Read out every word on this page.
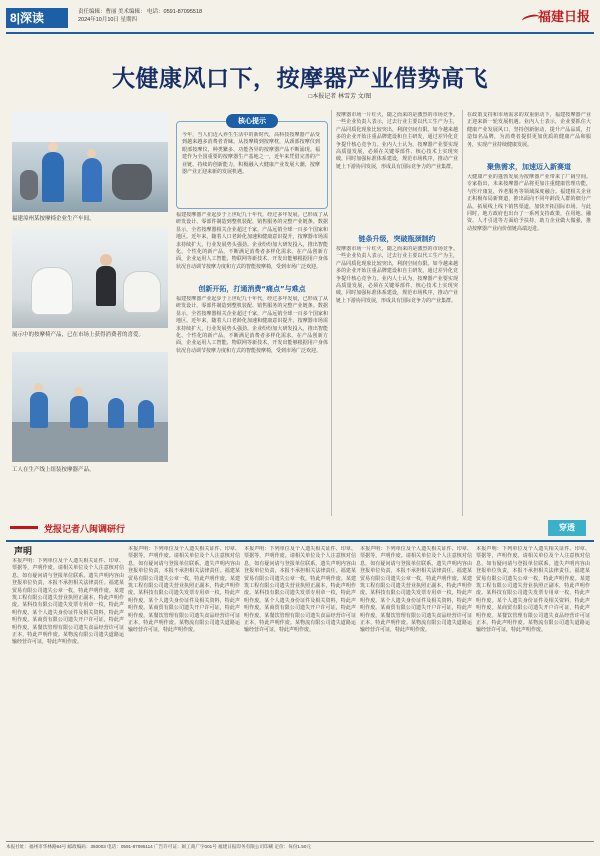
8|深读	责任编辑：曹丽 美术编辑： 电话：0591-87095518
2024年10月10日 星期四	福建日报
大健康风口下，按摩器产业借势高飞
□本报记者 林雪芳 文/图
福建漳州某按摩椅企业生产车间。
展示中的按摩椅产品，已在市场上获得消费者的喜爱。
工人在生产线上组装按摩器产品。
核心提示
今年，当人们迈入养生生活中的新时代，高科技按摩器产品受到越来越多消费者青睐。从按摩椅到按摩枕，从颈部按摩仪到眼部按摩仪，种类繁多、功能各异的按摩器产品不断涌现。福建作为全国重要的按摩器生产基地之一，近年来凭借完善的产业链、持续的创新能力，积极融入大健康产业发展大潮，按摩器产业正迎来新的发展机遇。
创新开拓，打通消费“痛点”与难点
福建按摩器产业起步于上世纪九十年代，经过多年发展，已形成了从研发设计、零部件制造到整机装配、销售服务的完整产业链条。数据显示，全省按摩器相关企业超过千家，产品远销全球一百多个国家和地区。近年来，随着人口老龄化加速和健康意识提升，按摩器市场需求持续扩大，行业发展势头强劲。企业纷纷加大研发投入，推出智能化、个性化的新产品，不断满足消费者多样化需求。在产品创新方面，企业运用人工智能、物联网等新技术，开发出能够根据用户身体状况自动调节按摩力度和方式的智能按摩椅，受到市场广泛欢迎。
福建按摩器产业起步于上世纪九十年代，经过多年发展，已形成了从研发设计、零部件制造到整机装配、销售服务的完整产业链条。数据显示，全省按摩器相关企业超过千家，产品远销全球一百多个国家和地区。近年来，随着人口老龄化加速和健康意识提升，按摩器市场需求持续扩大，行业发展势头强劲。企业纷纷加大研发投入，推出智能化、个性化的新产品，不断满足消费者多样化需求。在产品创新方面，企业运用人工智能、物联网等新技术，开发出能够根据用户身体状况自动调节按摩力度和方式的智能按摩椅，受到市场广泛欢迎。
按摩器市场一片红火，随之而来的是激烈的市场竞争。一些企业负责人表示，过去行业主要以代工生产为主，产品同质化现象比较突出，利润空间有限。如今越来越多的企业开始注重品牌建设和自主研发，通过差异化竞争提升核心竞争力。业内人士认为，按摩器产业要实现高质量发展，必须在关键零部件、核心技术上实现突破，同时加强标准体系建设，规范市场秩序，推动产业链上下游协同发展，形成具有国际竞争力的产业集群。
链条升级，突破瓶颈制约
按摩器市场一片红火，随之而来的是激烈的市场竞争。一些企业负责人表示，过去行业主要以代工生产为主，产品同质化现象比较突出，利润空间有限。如今越来越多的企业开始注重品牌建设和自主研发，通过差异化竞争提升核心竞争力。业内人士认为，按摩器产业要实现高质量发展，必须在关键零部件、核心技术上实现突破，同时加强标准体系建设，规范市场秩序，推动产业链上下游协同发展，形成具有国际竞争力的产业集群。
在政策支持和市场需求的双重驱动下，福建按摩器产业正迎来新一轮发展机遇。业内人士表示，企业要抓住大健康产业发展风口，坚持创新驱动，提升产品品质，打造知名品牌，为消费者提供更加优质的健康产品和服务，实现产业持续健康发展。
聚焦需求，加速迈入新赛道
大健康产业的蓬勃发展为按摩器产业带来了广阔空间。专家指出，未来按摩器产品将更加注重健康管理功能，与医疗康复、养老服务等领域深度融合。福建相关企业正积极布局新赛道，推出面向不同年龄段人群的细分产品，拓展线上线下销售渠道，加快开拓国际市场。与此同时，地方政府也出台了一系列支持政策，在用地、融资、人才引进等方面给予扶持，助力企业做大做强，推动按摩器产业向价值链高端迈进。
党报记者八闽调研行	穿透
声明
本报声明：下列单位及个人遗失相关证件、印章、票据等，声明作废。请相关单位及个人注意核对信息，如有疑问请与登报单位联系。遗失声明内容由登报单位负责，本报不承担相关法律责任。福建某贸易有限公司遗失公章一枚，特此声明作废。某建筑工程有限公司遗失营业执照正副本，特此声明作废。某科技有限公司遗失发票专用章一枚，特此声明作废。某个人遗失身份证件及相关资料，特此声明作废。某商贸有限公司遗失开户许可证，特此声明作废。某餐饮管理有限公司遗失食品经营许可证正本，特此声明作废。某物流有限公司遗失道路运输经营许可证，特此声明作废。
本报声明：下列单位及个人遗失相关证件、印章、票据等，声明作废。请相关单位及个人注意核对信息，如有疑问请与登报单位联系。遗失声明内容由登报单位负责，本报不承担相关法律责任。福建某贸易有限公司遗失公章一枚，特此声明作废。某建筑工程有限公司遗失营业执照正副本，特此声明作废。某科技有限公司遗失发票专用章一枚，特此声明作废。某个人遗失身份证件及相关资料，特此声明作废。某商贸有限公司遗失开户许可证，特此声明作废。某餐饮管理有限公司遗失食品经营许可证正本，特此声明作废。某物流有限公司遗失道路运输经营许可证，特此声明作废。
本报声明：下列单位及个人遗失相关证件、印章、票据等，声明作废。请相关单位及个人注意核对信息，如有疑问请与登报单位联系。遗失声明内容由登报单位负责，本报不承担相关法律责任。福建某贸易有限公司遗失公章一枚，特此声明作废。某建筑工程有限公司遗失营业执照正副本，特此声明作废。某科技有限公司遗失发票专用章一枚，特此声明作废。某个人遗失身份证件及相关资料，特此声明作废。某商贸有限公司遗失开户许可证，特此声明作废。某餐饮管理有限公司遗失食品经营许可证正本，特此声明作废。某物流有限公司遗失道路运输经营许可证，特此声明作废。
本报声明：下列单位及个人遗失相关证件、印章、票据等，声明作废。请相关单位及个人注意核对信息，如有疑问请与登报单位联系。遗失声明内容由登报单位负责，本报不承担相关法律责任。福建某贸易有限公司遗失公章一枚，特此声明作废。某建筑工程有限公司遗失营业执照正副本，特此声明作废。某科技有限公司遗失发票专用章一枚，特此声明作废。某个人遗失身份证件及相关资料，特此声明作废。某商贸有限公司遗失开户许可证，特此声明作废。某餐饮管理有限公司遗失食品经营许可证正本，特此声明作废。某物流有限公司遗失道路运输经营许可证，特此声明作废。
本报声明：下列单位及个人遗失相关证件、印章、票据等，声明作废。请相关单位及个人注意核对信息，如有疑问请与登报单位联系。遗失声明内容由登报单位负责，本报不承担相关法律责任。福建某贸易有限公司遗失公章一枚，特此声明作废。某建筑工程有限公司遗失营业执照正副本，特此声明作废。某科技有限公司遗失发票专用章一枚，特此声明作废。某个人遗失身份证件及相关资料，特此声明作废。某商贸有限公司遗失开户许可证，特此声明作废。某餐饮管理有限公司遗失食品经营许可证正本，特此声明作废。某物流有限公司遗失道路运输经营许可证，特此声明作废。
本报社址：福州市华林路84号 邮政编码：350003 电话：0591-87095114 广告许可证：闽工商广字001号 福建日报印务有限公司印刷 定价：每份1.50元
